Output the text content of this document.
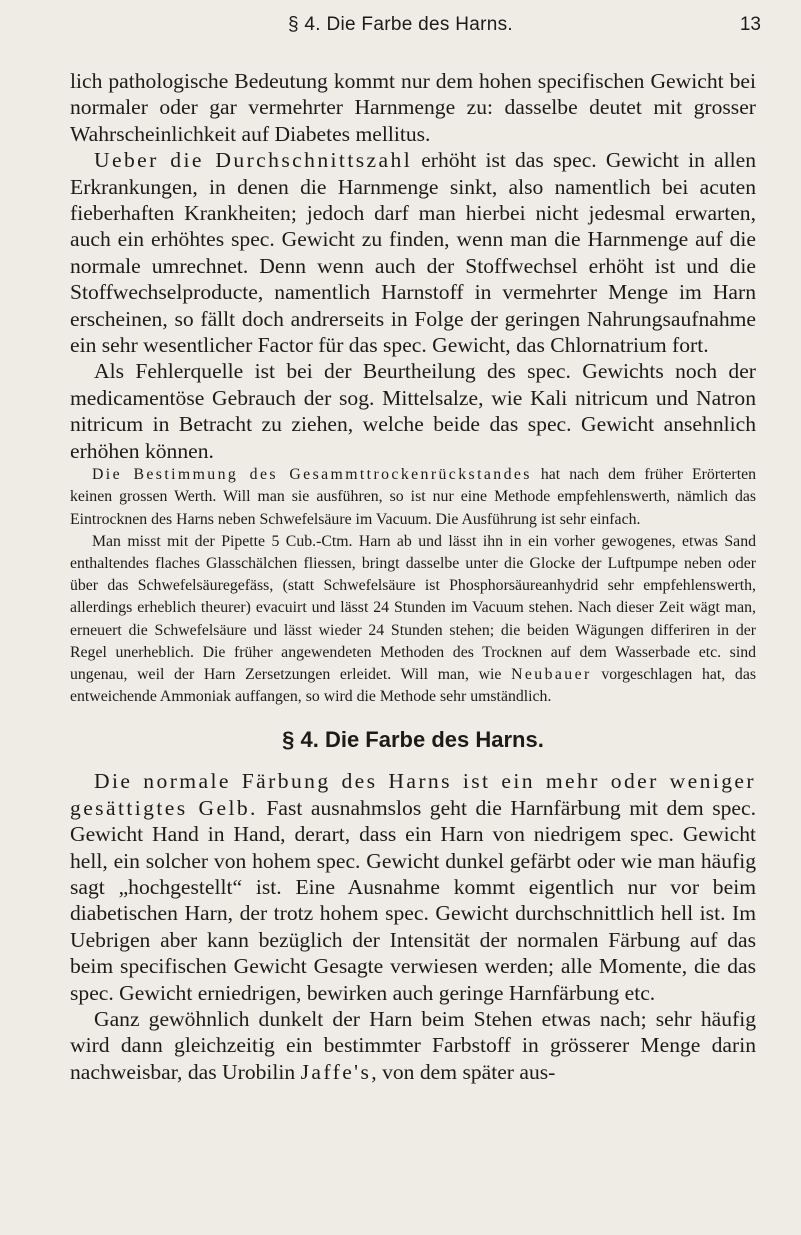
§ 4. Die Farbe des Harns.	13

lich pathologische Bedeutung kommt nur dem hohen specifischen Gewicht bei normaler oder gar vermehrter Harnmenge zu: dasselbe deutet mit grosser Wahrscheinlichkeit auf Diabetes mellitus.

Ueber die Durchschnittszahl erhöht ist das spec. Gewicht in allen Erkrankungen, in denen die Harnmenge sinkt, also namentlich bei acuten fieberhaften Krankheiten; jedoch darf man hierbei nicht jedesmal erwarten, auch ein erhöhtes spec. Gewicht zu finden, wenn man die Harnmenge auf die normale umrechnet. Denn wenn auch der Stoffwechsel erhöht ist und die Stoffwechselproducte, namentlich Harnstoff in vermehrter Menge im Harn erscheinen, so fällt doch andrerseits in Folge der geringen Nahrungsaufnahme ein sehr wesentlicher Factor für das spec. Gewicht, das Chlornatrium fort.

Als Fehlerquelle ist bei der Beurtheilung des spec. Gewichts noch der medicamentöse Gebrauch der sog. Mittelsalze, wie Kali nitricum und Natron nitricum in Betracht zu ziehen, welche beide das spec. Gewicht ansehnlich erhöhen können.

Die Bestimmung des Gesammttrockenrückstandes hat nach dem früher Erörterten keinen grossen Werth. Will man sie ausführen, so ist nur eine Methode empfehlenswerth, nämlich das Eintrocknen des Harns neben Schwefelsäure im Vacuum. Die Ausführung ist sehr einfach.

Man misst mit der Pipette 5 Cub.-Ctm. Harn ab und lässt ihn in ein vorher gewogenes, etwas Sand enthaltendes flaches Glasschälchen fliessen, bringt dasselbe unter die Glocke der Luftpumpe neben oder über das Schwefelsäuregefäss, (statt Schwefelsäure ist Phosphorsäureanhydrid sehr empfehlenswerth, allerdings erheblich theurer) evacuirt und lässt 24 Stunden im Vacuum stehen. Nach dieser Zeit wägt man, erneuert die Schwefelsäure und lässt wieder 24 Stunden stehen; die beiden Wägungen differiren in der Regel unerheblich. Die früher angewendeten Methoden des Trocknen auf dem Wasserbade etc. sind ungenau, weil der Harn Zersetzungen erleidet. Will man, wie Neubauer vorgeschlagen hat, das entweichende Ammoniak auffangen, so wird die Methode sehr umständlich.

§ 4. Die Farbe des Harns.

Die normale Färbung des Harns ist ein mehr oder weniger gesättigtes Gelb. Fast ausnahmslos geht die Harnfärbung mit dem spec. Gewicht Hand in Hand, derart, dass ein Harn von niedrigem spec. Gewicht hell, ein solcher von hohem spec. Gewicht dunkel gefärbt oder wie man häufig sagt „hochgestellt“ ist. Eine Ausnahme kommt eigentlich nur vor beim diabetischen Harn, der trotz hohem spec. Gewicht durchschnittlich hell ist. Im Uebrigen aber kann bezüglich der Intensität der normalen Färbung auf das beim specifischen Gewicht Gesagte verwiesen werden; alle Momente, die das spec. Gewicht erniedrigen, bewirken auch geringe Harnfärbung etc.

Ganz gewöhnlich dunkelt der Harn beim Stehen etwas nach; sehr häufig wird dann gleichzeitig ein bestimmter Farbstoff in grösserer Menge darin nachweisbar, das Urobilin Jaffe's, von dem später aus-
